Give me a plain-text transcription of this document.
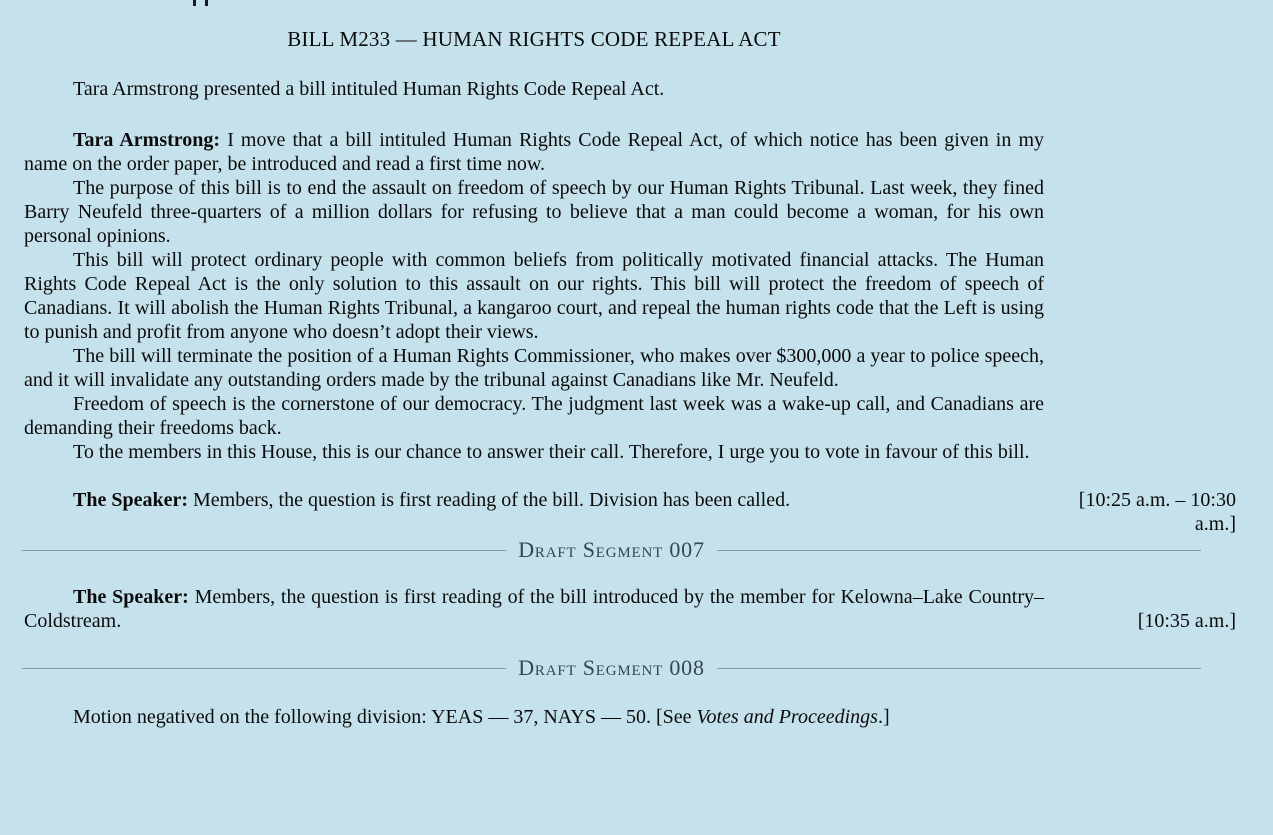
BILL M233 — HUMAN RIGHTS CODE REPEAL ACT

Tara Armstrong presented a bill intituled Human Rights Code Repeal Act.

Tara Armstrong: I move that a bill intituled Human Rights Code Repeal Act, of which notice has been given in my name on the order paper, be introduced and read a first time now.

The purpose of this bill is to end the assault on freedom of speech by our Human Rights Tribunal. Last week, they fined Barry Neufeld three-quarters of a million dollars for refusing to believe that a man could become a woman, for his own personal opinions.

This bill will protect ordinary people with common beliefs from politically motivated financial attacks. The Human Rights Code Repeal Act is the only solution to this assault on our rights. This bill will protect the freedom of speech of Canadians. It will abolish the Human Rights Tribunal, a kangaroo court, and repeal the human rights code that the Left is using to punish and profit from anyone who doesn’t adopt their views.

The bill will terminate the position of a Human Rights Commissioner, who makes over $300,000 a year to police speech, and it will invalidate any outstanding orders made by the tribunal against Canadians like Mr. Neufeld.

Freedom of speech is the cornerstone of our democracy. The judgment last week was a wake-up call, and Canadians are demanding their freedoms back.

To the members in this House, this is our chance to answer their call. Therefore, I urge you to vote in favour of this bill.

The Speaker: Members, the question is first reading of the bill. Division has been called.	[10:25 a.m. – 10:30 a.m.]
Draft Segment 007

The Speaker: Members, the question is first reading of the bill introduced by the member for Kelowna–Lake Country–Coldstream.	[10:35 a.m.]
Draft Segment 008

Motion negatived on the following division: YEAS — 37, NAYS — 50. [See Votes and Proceedings.]
